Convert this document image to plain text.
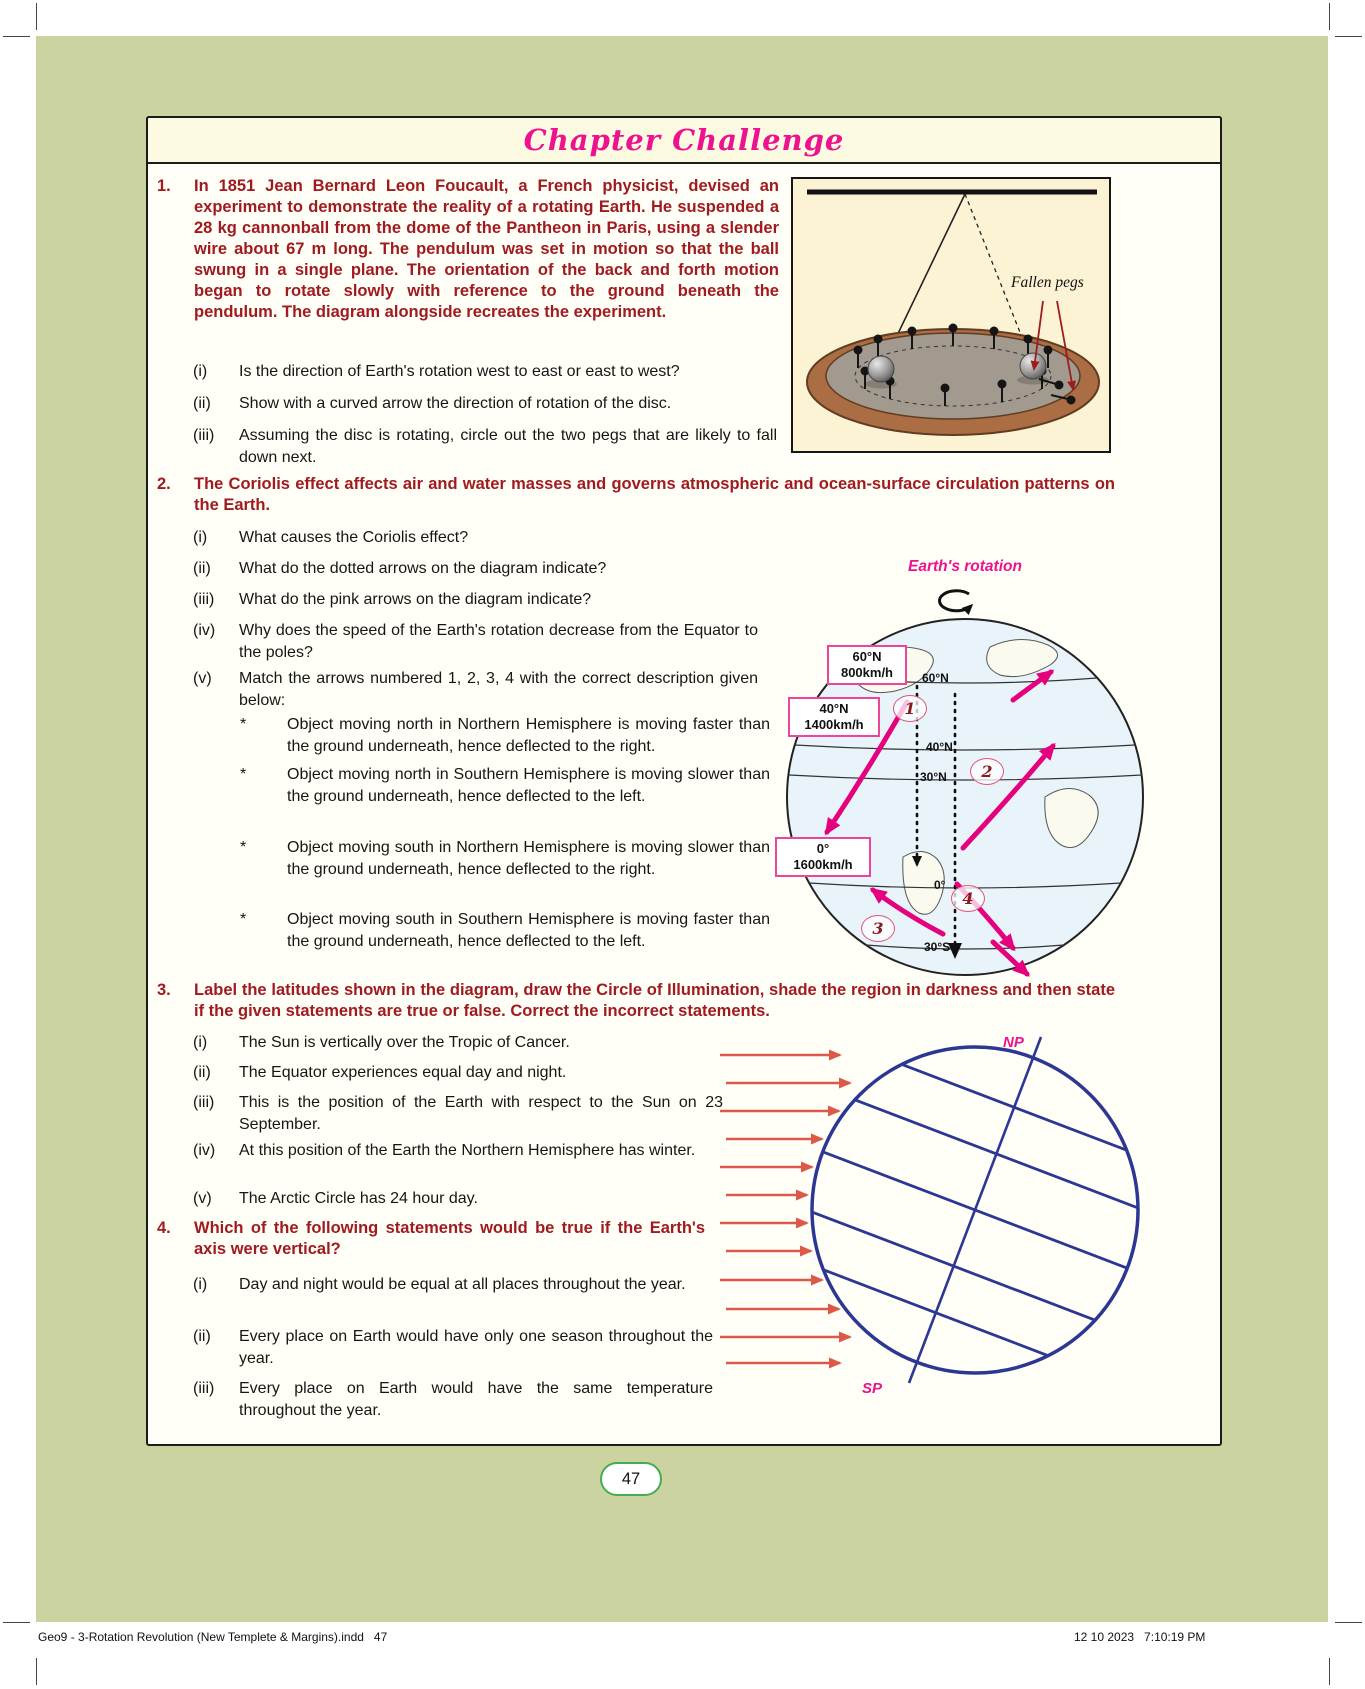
Chapter Challenge
1. In 1851 Jean Bernard Leon Foucault, a French physicist, devised an experiment to demonstrate the reality of a rotating Earth. He suspended a 28 kg cannonball from the dome of the Pantheon in Paris, using a slender wire about 67 m long. The pendulum was set in motion so that the ball swung in a single plane. The orientation of the back and forth motion began to rotate slowly with reference to the ground beneath the pendulum. The diagram alongside recreates the experiment.

(i) Is the direction of Earth's rotation west to east or east to west?

(ii) Show with a curved arrow the direction of rotation of the disc.

(iii) Assuming the disc is rotating, circle out the two pegs that are likely to fall down next.

Fallen pegs
2. The Coriolis effect affects air and water masses and governs atmospheric and ocean-surface circulation patterns on the Earth.

(i) What causes the Coriolis effect?

(ii) What do the dotted arrows on the diagram indicate?

(iii) What do the pink arrows on the diagram indicate?

(iv) Why does the speed of the Earth's rotation decrease from the Equator to the poles?

(v) Match the arrows numbered 1, 2, 3, 4 with the correct description given below:

*	Object moving north in Northern Hemisphere is moving faster than the ground underneath, hence deflected to the right.

*	Object moving north in Southern Hemisphere is moving slower than the ground underneath, hence deflected to the left.

*	Object moving south in Northern Hemisphere is moving slower than the ground underneath, hence deflected to the right.

*	Object moving south in Southern Hemisphere is moving faster than the ground underneath, hence deflected to the left.

Earth's rotation
60°N
800km/h
40°N
1400km/h
0°
1600km/h
60°N
40°N
30°N
0°
30°S
1
2
3
4
3. Label the latitudes shown in the diagram, draw the Circle of Illumination, shade the region in darkness and then state if the given statements are true or false. Correct the incorrect statements.

(i) The Sun is vertically over the Tropic of Cancer.

(ii) The Equator experiences equal day and night.

(iii) This is the position of the Earth with respect to the Sun on 23 September.

(iv) At this position of the Earth the Northern Hemisphere has winter.

(v) The Arctic Circle has 24 hour day.

NP
SP
4. Which of the following statements would be true if the Earth's axis were vertical?

(i) Day and night would be equal at all places throughout the year.

(ii) Every place on Earth would have only one season throughout the year.

(iii) Every place on Earth would have the same temperature throughout the year.

47
Geo9 - 3-Rotation Revolution (New Templete & Margins).indd   47	12 10 2023   7:10:19 PM
